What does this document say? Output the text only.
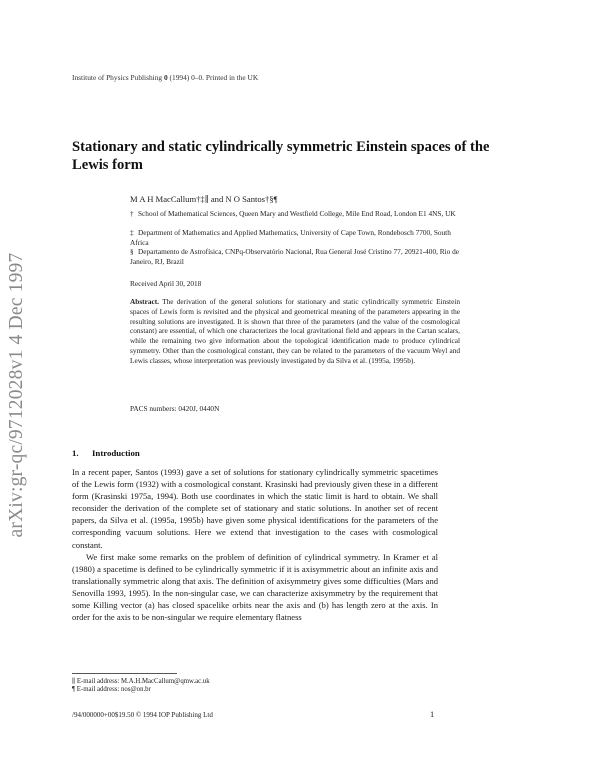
arXiv:gr-qc/9712028v1 4 Dec 1997
Institute of Physics Publishing 0 (1994) 0–0. Printed in the UK
Stationary and static cylindrically symmetric Einstein spaces of the Lewis form
M A H MacCallum†‡∥ and N O Santos†§¶
† School of Mathematical Sciences, Queen Mary and Westfield College, Mile End Road, London E1 4NS, UK
‡ Department of Mathematics and Applied Mathematics, University of Cape Town, Rondebosch 7700, South Africa
§ Departamento de Astrofísica, CNPq-Observatório Nacional, Rua General José Cristino 77, 20921-400, Rio de Janeiro, RJ, Brazil
Received April 30, 2018
Abstract. The derivation of the general solutions for stationary and static cylindrically symmetric Einstein spaces of Lewis form is revisited and the physical and geometrical meaning of the parameters appearing in the resulting solutions are investigated. It is shown that three of the parameters (and the value of the cosmological constant) are essential, of which one characterizes the local gravitational field and appears in the Cartan scalars, while the remaining two give information about the topological identification made to produce cylindrical symmetry. Other than the cosmological constant, they can be related to the parameters of the vacuum Weyl and Lewis classes, whose interpretation was previously investigated by da Silva et al. (1995a, 1995b).
PACS numbers: 0420J, 0440N
1. Introduction

In a recent paper, Santos (1993) gave a set of solutions for stationary cylindrically symmetric spacetimes of the Lewis form (1932) with a cosmological constant. Krasinski had previously given these in a different form (Krasinski 1975a, 1994). Both use coordinates in which the static limit is hard to obtain. We shall reconsider the derivation of the complete set of stationary and static solutions. In another set of recent papers, da Silva et al. (1995a, 1995b) have given some physical identifications for the parameters of the corresponding vacuum solutions. Here we extend that investigation to the cases with cosmological constant.

We first make some remarks on the problem of definition of cylindrical symmetry. In Kramer et al (1980) a spacetime is defined to be cylindrically symmetric if it is axisymmetric about an infinite axis and translationally symmetric along that axis. The definition of axisymmetry gives some difficulties (Mars and Senovilla 1993, 1995). In the non-singular case, we can characterize axisymmetry by the requirement that some Killing vector (a) has closed spacelike orbits near the axis and (b) has length zero at the axis. In order for the axis to be non-singular we require elementary flatness

∥ E-mail address: M.A.H.MacCallum@qmw.ac.uk
¶ E-mail address: nos@on.br
/94/000000+00$19.50 © 1994 IOP Publishing Ltd	1
